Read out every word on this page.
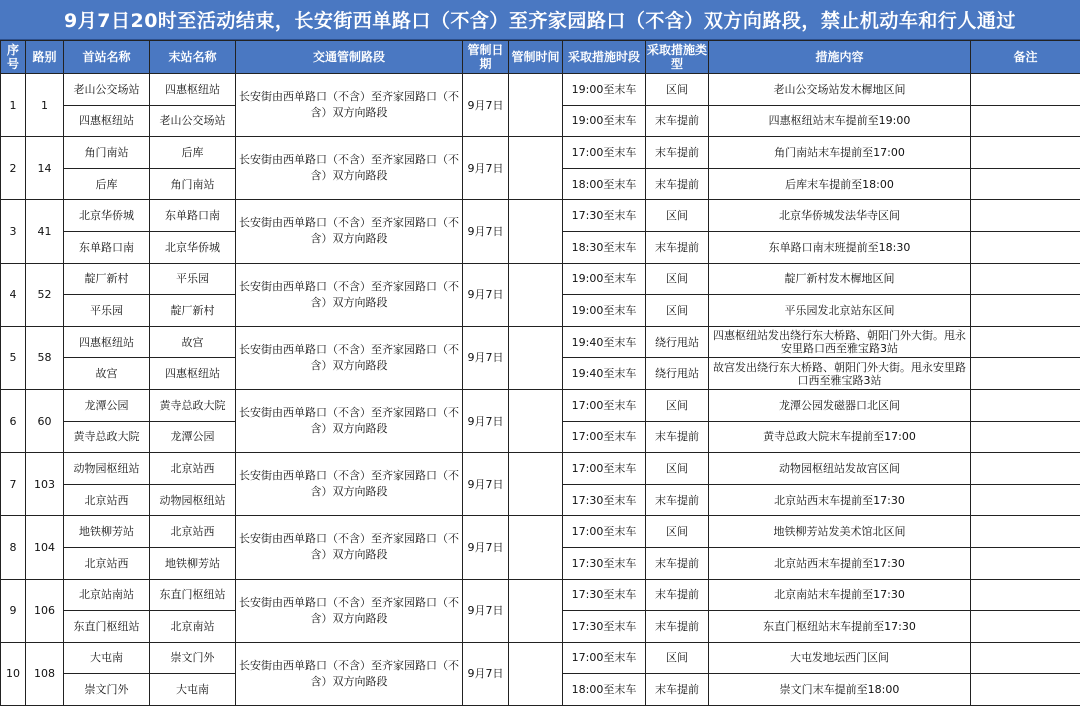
9月7日20时至活动结束，长安街西单路口（不含）至齐家园路口（不含）双方向路段，禁止机动车和行人通过
序号	路别	首站名称	末站名称	交通管制路段	管制日期	管制时间	采取措施时段	采取措施类型	措施内容	备注
1	1	老山公交场站	四惠枢纽站	长安街由西单路口（不含）至齐家园路口（不含）双方向路段	9月7日		19:00至末车	区间	老山公交场站发木樨地区间	
		四惠枢纽站	老山公交场站				19:00至末车	末车提前	四惠枢纽站末车提前至19:00	
2	14	角门南站	后库	长安街由西单路口（不含）至齐家园路口（不含）双方向路段	9月7日		17:00至末车	末车提前	角门南站末车提前至17:00	
		后库	角门南站				18:00至末车	末车提前	后库末车提前至18:00	
3	41	北京华侨城	东单路口南	长安街由西单路口（不含）至齐家园路口（不含）双方向路段	9月7日		17:30至末车	区间	北京华侨城发法华寺区间	
		东单路口南	北京华侨城				18:30至末车	末车提前	东单路口南末班提前至18:30	
4	52	靛厂新村	平乐园	长安街由西单路口（不含）至齐家园路口（不含）双方向路段	9月7日		19:00至末车	区间	靛厂新村发木樨地区间	
		平乐园	靛厂新村				19:00至末车	区间	平乐园发北京站东区间	
5	58	四惠枢纽站	故宫	长安街由西单路口（不含）至齐家园路口（不含）双方向路段	9月7日		19:40至末车	绕行甩站	四惠枢纽站发出绕行东大桥路、朝阳门外大街。甩永安里路口西至雅宝路3站	
		故宫	四惠枢纽站				19:40至末车	绕行甩站	故宫发出绕行东大桥路、朝阳门外大街。甩永安里路口西至雅宝路3站	
6	60	龙潭公园	黄寺总政大院	长安街由西单路口（不含）至齐家园路口（不含）双方向路段	9月7日		17:00至末车	区间	龙潭公园发磁器口北区间	
		黄寺总政大院	龙潭公园				17:00至末车	末车提前	黄寺总政大院末车提前至17:00	
7	103	动物园枢纽站	北京站西	长安街由西单路口（不含）至齐家园路口（不含）双方向路段	9月7日		17:00至末车	区间	动物园枢纽站发故宫区间	
		北京站西	动物园枢纽站				17:30至末车	末车提前	北京站西末车提前至17:30	
8	104	地铁柳芳站	北京站西	长安街由西单路口（不含）至齐家园路口（不含）双方向路段	9月7日		17:00至末车	区间	地铁柳芳站发美术馆北区间	
		北京站西	地铁柳芳站				17:30至末车	末车提前	北京站西末车提前至17:30	
9	106	北京站南站	东直门枢纽站	长安街由西单路口（不含）至齐家园路口（不含）双方向路段	9月7日		17:30至末车	末车提前	北京南站末车提前至17:30	
		东直门枢纽站	北京南站				17:30至末车	末车提前	东直门枢纽站末车提前至17:30	
10	108	大屯南	崇文门外	长安街由西单路口（不含）至齐家园路口（不含）双方向路段	9月7日		17:00至末车	区间	大屯发地坛西门区间	
		崇文门外	大屯南				18:00至末车	末车提前	崇文门末车提前至18:00	
